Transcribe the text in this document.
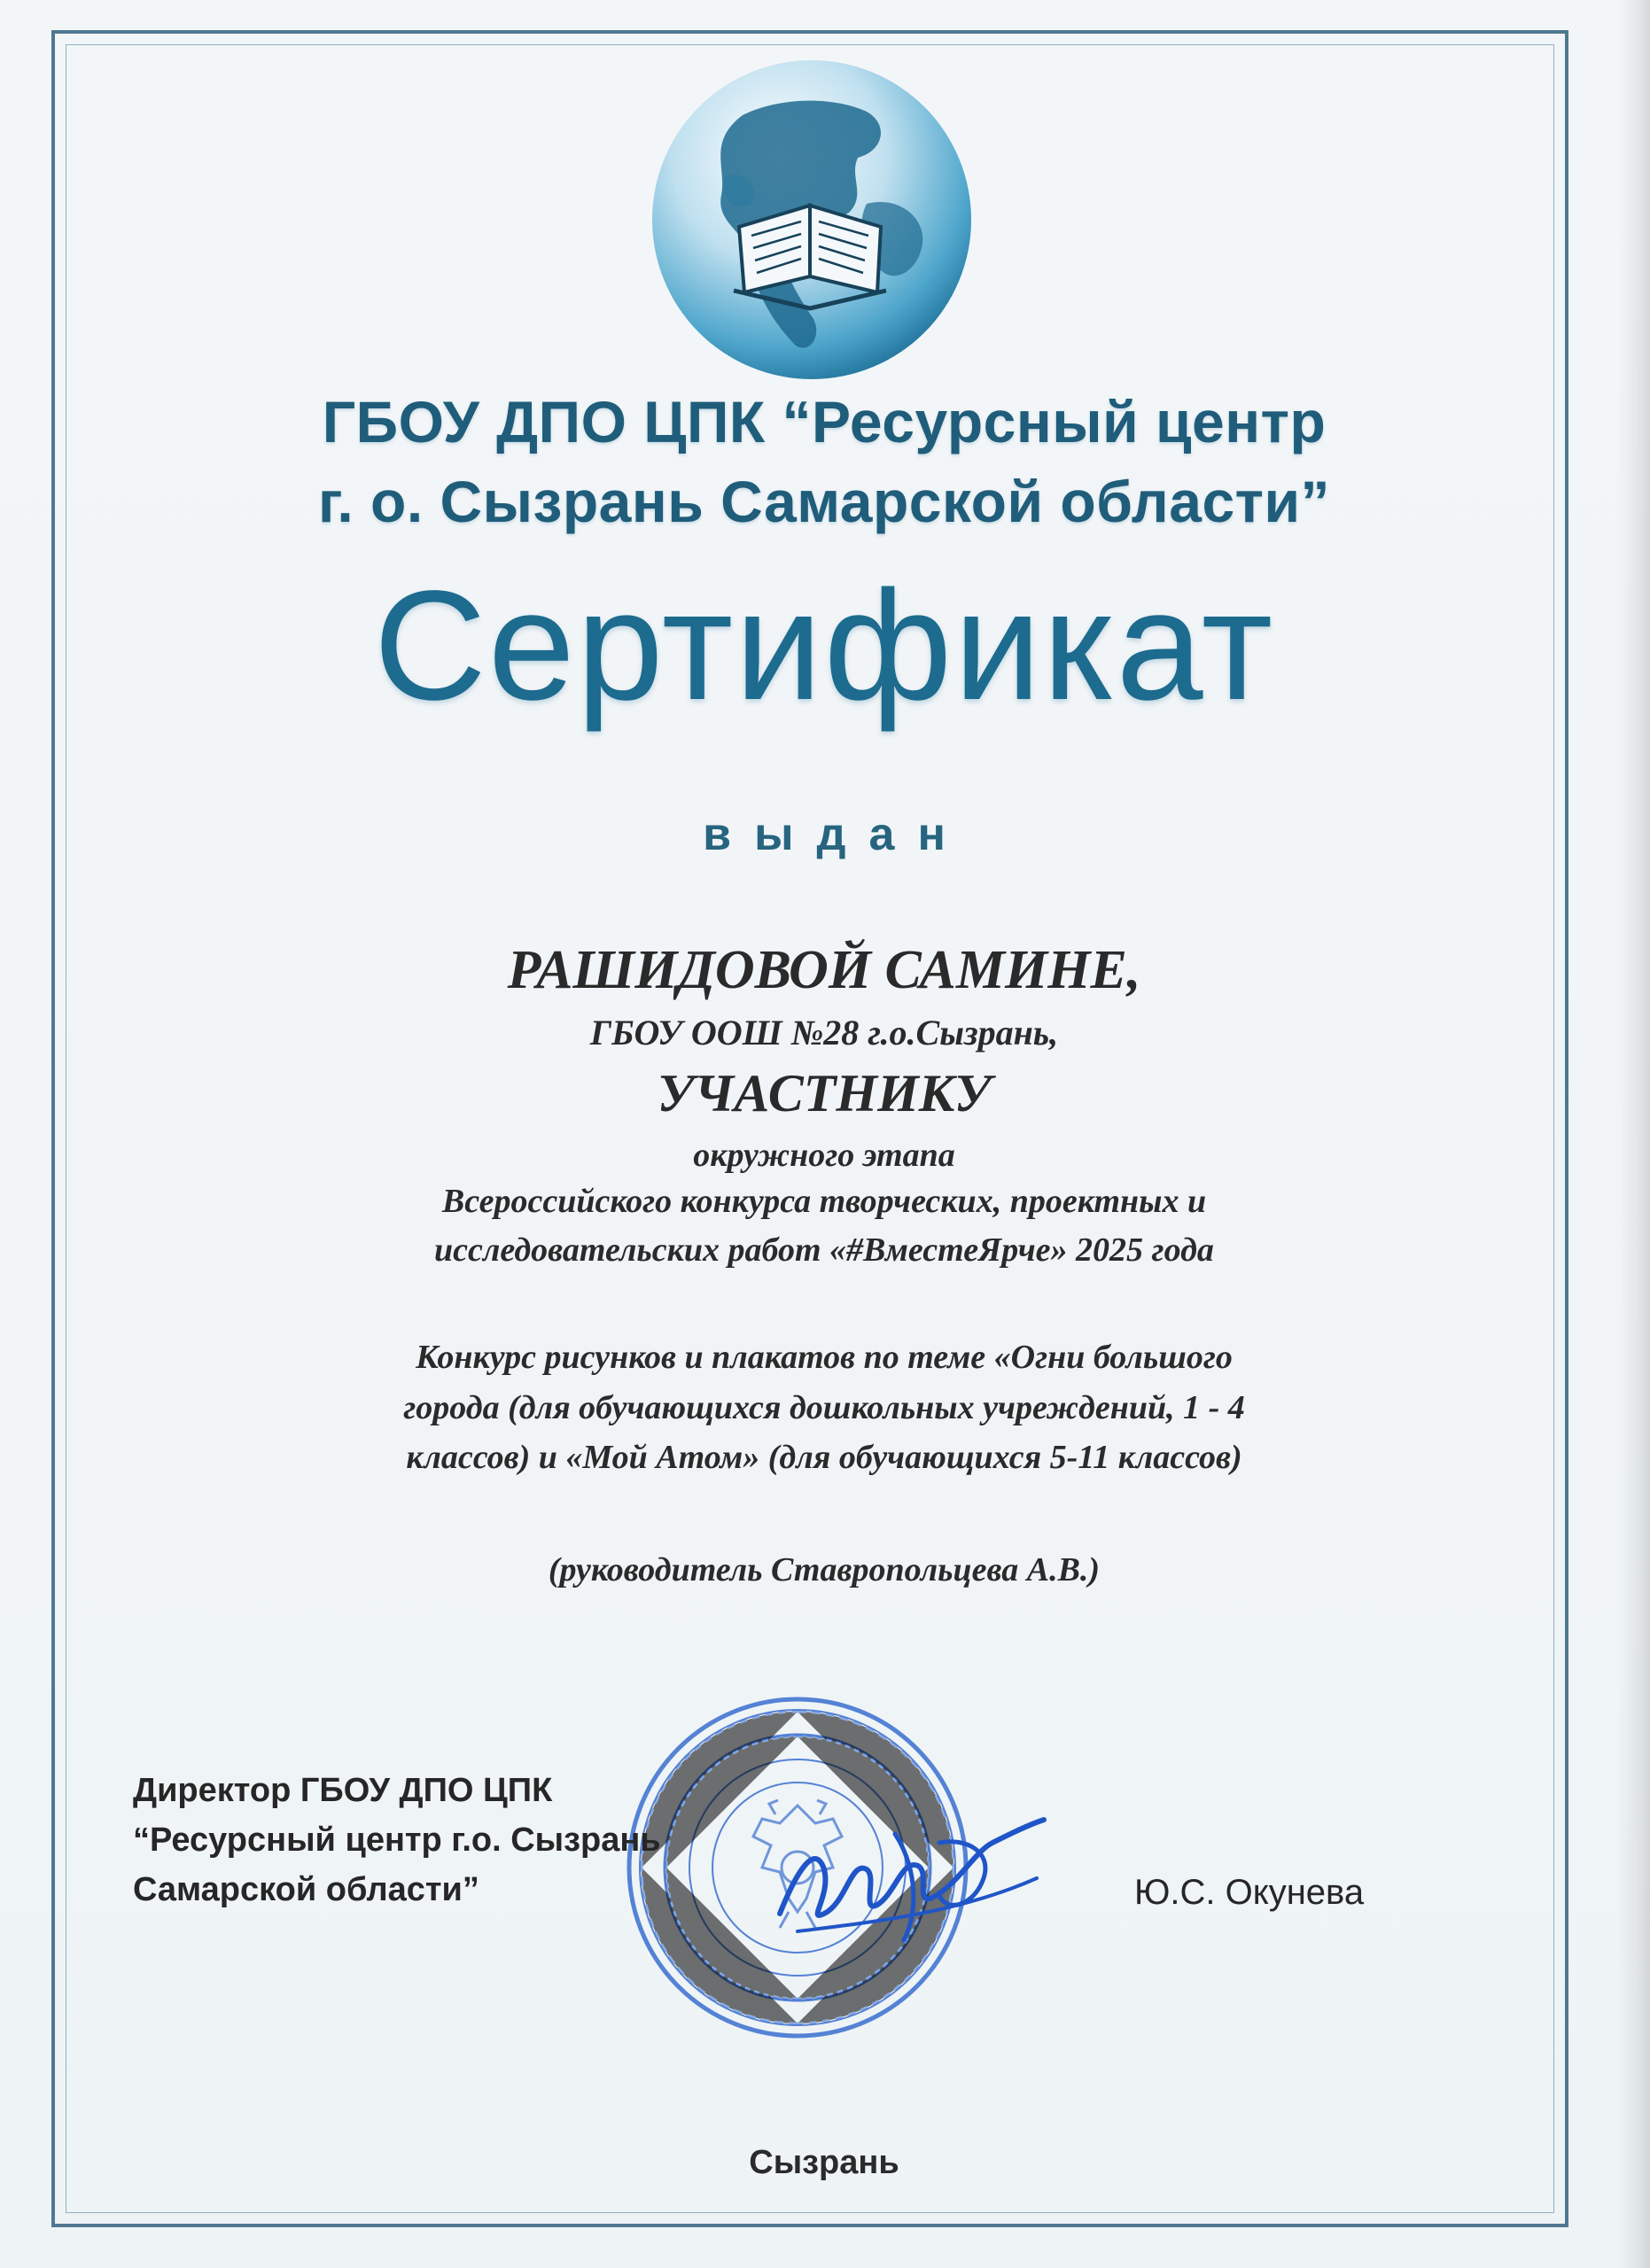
ГБОУ ДПО ЦПК “Ресурсный центр
г. о. Сызрань Самарской области”
Сертификат
выдан
РАШИДОВОЙ САМИНЕ,
ГБОУ ООШ №28 г.о.Сызрань,
УЧАСТНИКУ
окружного этапа
Всероссийского конкурса творческих, проектных и
исследовательских работ «#ВместеЯрче» 2025 года
Конкурс рисунков и плакатов по теме «Огни большого
города (для обучающихся дошкольных учреждений, 1 - 4
классов) и «Мой Атом» (для обучающихся 5-11 классов)
(руководитель Ставропольцева А.В.)
Директор ГБОУ ДПО ЦПК
“Ресурсный центр г.о. Сызрань
Самарской области”	Ю.С. Окунева
Сызрань
